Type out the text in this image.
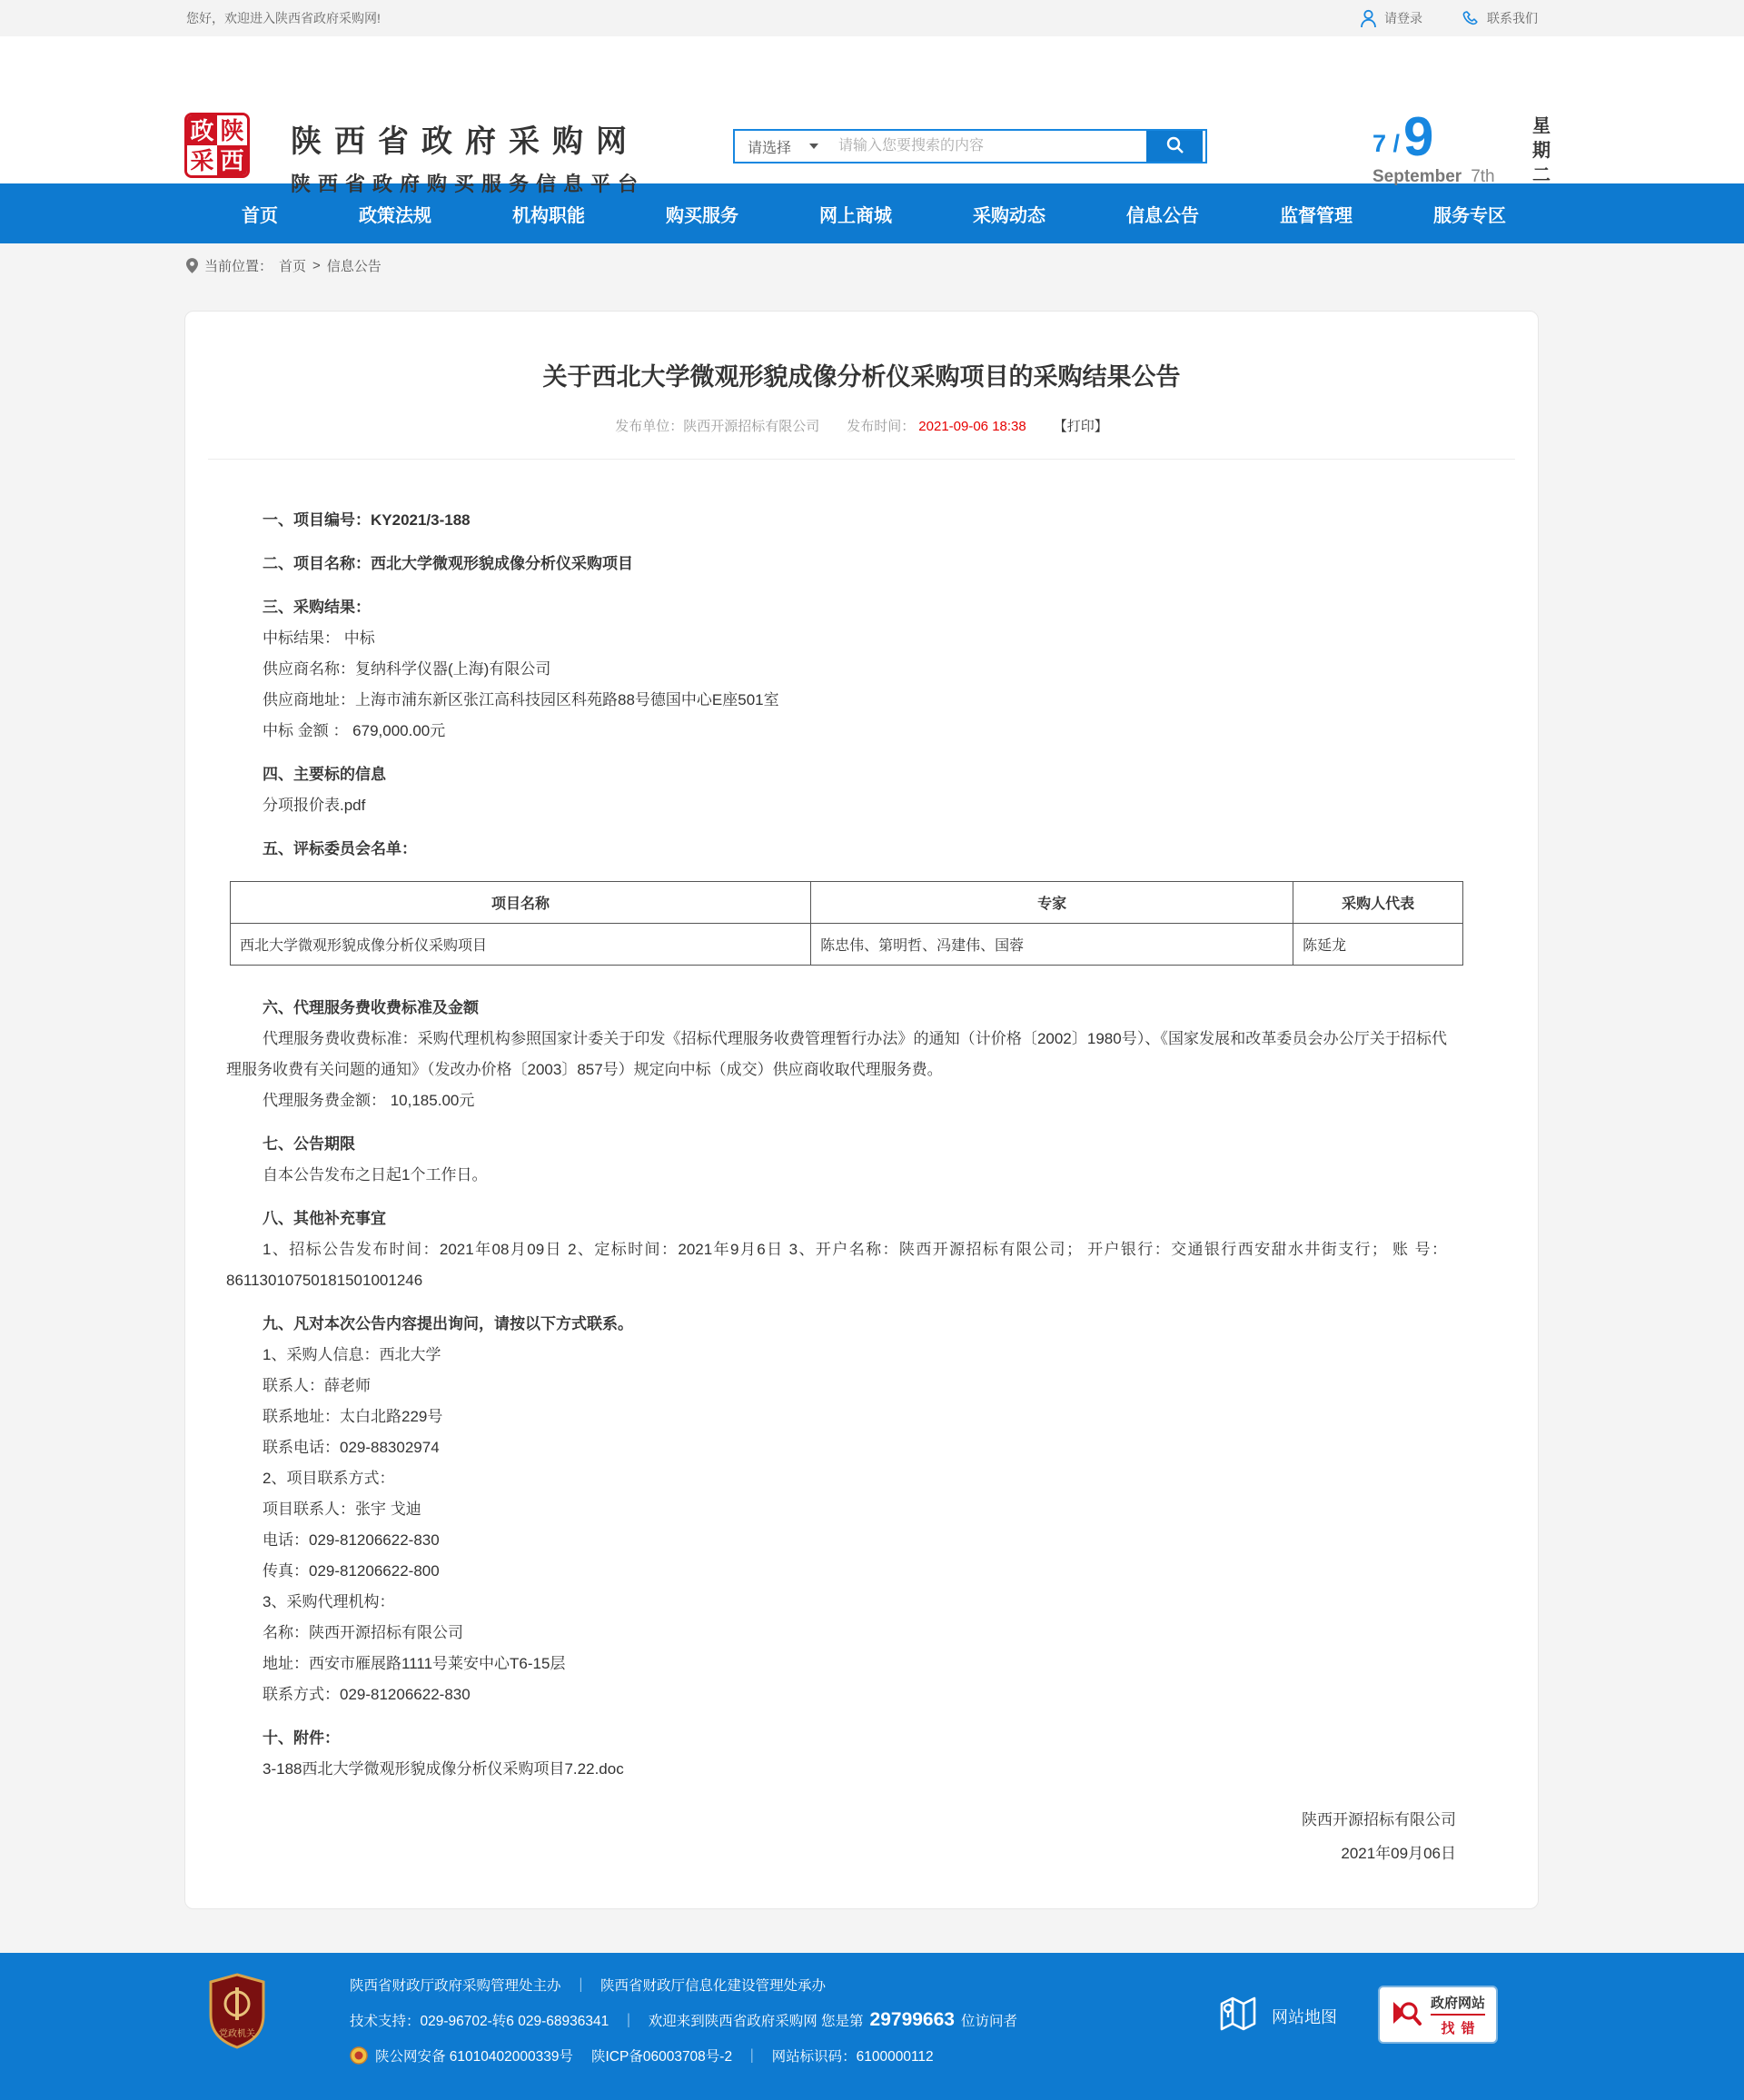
您好，欢迎进入陕西省政府采购网!	请登录	联系我们
政 陕
采 西
陕西省政府采购网
陕西省政府购买服务信息平台
请选择
请输入您要搜索的内容	7 / 9
September 7th
星期二
首页	政策法规	机构职能	购买服务	网上商城	采购动态	信息公告	监督管理	服务专区
当前位置： 首页 > 信息公告
关于西北大学微观形貌成像分析仪采购项目的采购结果公告
发布单位：陕西开源招标有限公司 发布时间： 2021-09-06 18:38 【打印】

一、项目编号：KY2021/3-188

二、项目名称：西北大学微观形貌成像分析仪采购项目

三、采购结果：

中标结果： 中标

供应商名称：复纳科学仪器(上海)有限公司

供应商地址：上海市浦东新区张江高科技园区科苑路88号德国中心E座501室

中标 金额 ： 679,000.00元

四、主要标的信息

分项报价表.pdf

五、评标委员会名单：

项目名称	专家	采购人代表
西北大学微观形貌成像分析仪采购项目	陈忠伟、第明哲、冯建伟、国蓉	陈延龙

六、代理服务费收费标准及金额

代理服务费收费标准：采购代理机构参照国家计委关于印发《招标代理服务收费管理暂行办法》的通知（计价格〔2002〕1980号）、《国家发展和改革委员会办公厅关于招标代理服务收费有关问题的通知》（发改办价格〔2003〕857号）规定向中标（成交）供应商收取代理服务费。

代理服务费金额： 10,185.00元

七、公告期限

自本公告发布之日起1个工作日。

八、其他补充事宜

1、招标公告发布时间：2021年08月09日 2、定标时间：2021年9月6日 3、开户名称：陕西开源招标有限公司； 开户银行：交通银行西安甜水井街支行； 账 号：86113010750181501001246

九、凡对本次公告内容提出询问，请按以下方式联系。

1、采购人信息：西北大学

联系人：薛老师

联系地址：太白北路229号

联系电话：029-88302974

2、项目联系方式：

项目联系人：张宇 戈迪

电话：029-81206622-830

传真：029-81206622-800

3、采购代理机构：

名称：陕西开源招标有限公司

地址：西安市雁展路1111号莱安中心T6-15层

联系方式：029-81206622-830

十、附件：

3-188西北大学微观形貌成像分析仪采购项目7.22.doc

陕西开源招标有限公司
2021年09月06日
党政机关
陕西省财政厅政府采购管理处主办 ｜ 陕西省财政厅信息化建设管理处承办
技术支持：029-96702-转6 029-68936341 ｜ 欢迎来到陕西省政府采购网 您是第 29799663 位访问者
陕公网安备 61010402000339号 陕ICP备06003708号-2 ｜ 网站标识码：6100000112
网站地图
政府网站
找错
